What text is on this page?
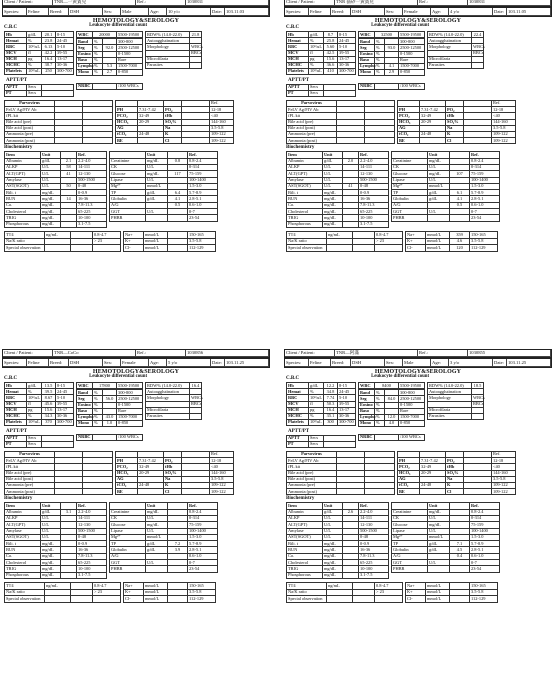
Client / Patient:	TNR—一黃賓兒	Ref.:	1030831
Species:	Feline	Breed:	DSH	Sex:	Male	Age:	10 y/o	Date: 103.11.03
HEMOTOLOGY&SEROLOGY
C.B.C	Leukocyte differential count
Hb	g/dL	20.1	8-15
Hemat	%	23.8	24-45
RBC	10⁶/uL	6.13	5-10
MCV	fl	42.2	39-55
MCH	pg	16.4	13-17
MCHC	%	38.7	30-36
Platelets	10³/uL	250	300-700
WBC	20000	5500-19500
Band	%		300-800
Seg	%	92.0	2500-12500
Eosino	%		0-1500
Baso	%		Rare
Lympho	%	5.3	1500-7000
Mono	%	2.7	0-850
RDW% (14.0-22.0)	21.8
Autoagglutination	
Morphology	WBCs
	RBCs
Microfilaria	
Parasites	
APTT/PT
APTT	Secs	
PT	Secs	
NRBC		/100 WBCs
Parvovirus		
FeLV Ag/FIV Ab		
fPL kit		
Bile acid (pre)		
Bile acid (post)		
Ammonia (pre)		
Ammonia (post)		
				Ref.
PH	7.31-7.42	PO₂		12-18
PCO₂	32-49	tHb		<40
HCO₃	20-29	SO₂%		144-160
AG		Na		3.5-5.8
tCO₂	24-48	K		109-122
BE		Cl		109-122
Biochemistry
Item	Unit		Ref.
Albumin	g/dL	2.1	2.2-4.0
ALKP	U/L	58	14-111
ALT(GPT)	U/L	41	12-130
Amylase	U/L		500-1500
AST(SGOT)	U/L	50	0-48
Bili. t	mg/dL		0-0.9
BUN	mg/dL	14	16-36
Ca.	mg/dL		7.8-11.3
Cholesterol	mg/dL		65-225
TRIG	mg/dL		10-100
Phosphorous	mg/dL		3.1-7.5
	Unit		Ref.
Creatinine	mg/dL	0.8	0.8-2.4
CK	U/L		0-314
Glucose	mg/dL	117	75-159
Lipase	U/L		100-1400
Mg²⁺	mmol/L		1.5-3.0
TP	g/dL	6.4	5.7-8.9
Globulin	g/dL	4.1	2.8-5.1
A/G		0.5	0.6-1.0
GGT	U/L		0-7
PHBR			23-54
TT4	ng/mL		0.8-4.7
Na/K ratio			> 23
Special observation			
Na+	mmol/L		150-165
K+	mmol/L		3.5-5.8
Cl-	mmol/L		112-129
Client / Patient:	TNR 貓砂一黃賓兒	Ref.:	1030831
Species:	Feline	Breed:	DSH	Sex:	Female	Age:	4 y/o	Date: 103.11.05
HEMOTOLOGY&SEROLOGY
C.B.C	Leukocyte differential count
Hb	g/dL	8.7	8-15
Hemat	%	25.8	24-45
RBC	10⁶/uL	5.60	5-10
MCV	fl	42.5	39-55
MCH	pg	15.6	13-17
MCHC	%	36.6	30-36
Platelets	10³/uL	410	300-700
WBC	32500	5500-19500
Band	%		300-800
Seg	%	93.0	2500-12500
Eosino	%		0-1500
Baso	%		Rare
Lympho	%	4.1	1500-7000
Mono	%	2.9	0-850
RDW% (14.0-22.0)	22.4
Autoagglutination	
Morphology	WBCs
	RBCs
Microfilaria	
Parasites	
APTT/PT
APTT	Secs	
PT	Secs	
NRBC		/100 WBCs
Parvovirus		
FeLV Ag/FIV Ab		
fPL kit		
Bile acid (pre)		
Bile acid (post)		
Ammonia (pre)		
Ammonia (post)		
				Ref.
PH	7.31-7.42	PO₂		12-18
PCO₂	32-49	tHb		<40
HCO₃	20-29	SO₂%		144-160
AG		Na		3.5-5.8
tCO₂	24-48	K		109-122
BE		Cl		109-122
Biochemistry
Item	Unit		Ref.
Albumin	g/dL	2.0	2.2-4.0
ALKP	U/L		14-111
ALT(GPT)	U/L		12-130
Amylase	U/L		500-1500
AST(SGOT)	U/L	41	0-48
Bili. t	mg/dL		0-0.9
BUN	mg/dL		16-36
Ca.	mg/dL		7.8-11.3
Cholesterol	mg/dL		65-225
TRIG	mg/dL		10-100
Phosphorous	mg/dL		3.1-7.5
	Unit		Ref.
Creatinine	mg/dL		0.8-2.4
CK	U/L		0-314
Glucose	mg/dL	107	75-159
Lipase	U/L		100-1400
Mg²⁺	mmol/L		1.5-3.0
TP	g/dL	6.1	5.7-8.9
Globulin	g/dL	4.1	2.8-5.1
A/G		0.5	0.6-1.0
GGT	U/L		0-7
PHBR			23-54
TT4	ng/mL		0.8-4.7
Na/K ratio			> 23
Special observation			
Na+	mmol/L	359	150-165
K+	mmol/L	4.6	3.5-5.8
Cl-	mmol/L	120	112-129
Client / Patient:	TNR—CoCo	Ref.:	1030856
Species:	Feline	Breed:	DSH	Sex:	Female	Age:	5 y/o	Date: 103.11.25
HEMOTOLOGY&SEROLOGY
C.B.C	Leukocyte differential count
Hb	g/dL	13.5	8-15
Hemat	%	39.5	24-45
RBC	10⁶/uL	8.67	5-10
MCV	fl	45.6	39-55
MCH	pg	15.6	13-17
MCHC	%	34.3	30-36
Platelets	10³/uL	370	300-700
WBC	17800	5500-19500
Band	%		300-800
Seg	%	56.0	2500-12500
Eosino	%		0-1500
Baso	%		Rare
Lympho	%	43.0	1500-7000
Mono	%	1.0	0-850
RDW% (14.0-22.0)	16.4
Autoagglutination	
Morphology	WBCs
	RBCs
Microfilaria	
Parasites	
APTT/PT
APTT	Secs	
PT	Secs	
NRBC		/100 WBCs
Parvovirus		
FeLV Ag/FIV Ab		
fPL kit		
Bile acid (pre)		
Bile acid (post)		
Ammonia (pre)		
Ammonia (post)		
				Ref.
PH	7.31-7.42	PO₂		12-18
PCO₂	32-49	tHb		<40
HCO₃	20-29	SO₂%		144-160
AG		Na		3.5-5.8
tCO₂	24-48	K		109-122
BE		Cl		109-122
Biochemistry
Item	Unit		Ref.
Albumin	g/dL	3.1	2.2-4.0
ALKP	U/L		14-111
ALT(GPT)	U/L		12-130
Amylase	U/L		500-1500
AST(SGOT)	U/L		0-48
Bili. t	mg/dL		0-0.9
BUN	mg/dL		16-36
Ca.	mg/dL		7.8-11.3
Cholesterol	mg/dL		65-225
TRIG	mg/dL		10-100
Phosphorous	mg/dL		3.1-7.5
	Unit		Ref.
Creatinine	mg/dL		0.8-2.4
CK	U/L		0-314
Glucose	mg/dL		75-159
Lipase	U/L		100-1400
Mg²⁺	mmol/L		1.5-3.0
TP	g/dL	7.2	5.7-8.9
Globulin	g/dL	3.9	2.8-5.1
A/G			0.6-1.0
GGT	U/L		0-7
PHBR			23-54
TT4	ng/mL		0.8-4.7
Na/K ratio			> 23
Special observation			
Na+	mmol/L		150-165
K+	mmol/L		3.5-5.8
Cl-	mmol/L		112-129
Client / Patient:	TNR—阿滿	Ref.:	1030855
Species:	Feline	Breed:	DSH	Sex:	Male	Age:	3 y/o	Date: 103.11.25
HEMOTOLOGY&SEROLOGY
C.B.C	Leukocyte differential count
Hb	g/dL	12.2	8-15
Hemat	%	34.8	24-45
RBC	10⁶/uL	7.74	5-10
MCV	fl	50.3	39-55
MCH	pg	16.4	13-17
MCHC	%	35.1	30-36
Platelets	10³/uL	300	300-700
WBC	8400	5500-19500
Band	%		300-800
Seg	%	84.0	2500-12500
Eosino	%		0-1500
Baso	%		Rare
Lympho	%	12.0	1500-7000
Mono	%	4.0	0-850
RDW% (14.0-22.0)	18.5
Autoagglutination	
Morphology	WBCs
	RBCs
Microfilaria	
Parasites	
APTT/PT
APTT	Secs	
PT	Secs	
NRBC		/100 WBCs
Parvovirus		
FeLV Ag/FIV Ab		
fPL kit		
Bile acid (pre)		
Bile acid (post)		
Ammonia (pre)		
Ammonia (post)		
				Ref.
PH	7.31-7.42	PO₂		12-18
PCO₂	32-49	tHb		<40
HCO₃	20-29	SO₂%		144-160
AG		Na		3.5-5.8
tCO₂	24-48	K		109-122
BE		Cl		109-122
Biochemistry
Item	Unit		Ref.
Albumin	g/dL	2.6	2.2-4.0
ALKP	U/L		14-111
ALT(GPT)	U/L		12-130
Amylase	U/L		500-1500
AST(SGOT)	U/L		0-48
Bili. t	mg/dL		0-0.9
BUN	mg/dL		16-36
Ca.	mg/dL		7.8-11.3
Cholesterol	mg/dL		65-225
TRIG	mg/dL		10-100
Phosphorous	mg/dL		3.1-7.5
	Unit		Ref.
Creatinine	mg/dL		0.8-2.4
CK	U/L		0-314
Glucose	mg/dL		75-159
Lipase	U/L		100-1400
Mg²⁺	mmol/L		1.5-3.0
TP	g/dL	7.1	5.7-8.9
Globulin	g/dL	4.5	2.8-5.1
A/G		0.4	0.6-1.0
GGT	U/L		0-7
PHBR			23-54
TT4	ng/mL		0.8-4.7
Na/K ratio			> 23
Special observation			
Na+	mmol/L		150-165
K+	mmol/L		3.5-5.8
Cl-	mmol/L		112-129
